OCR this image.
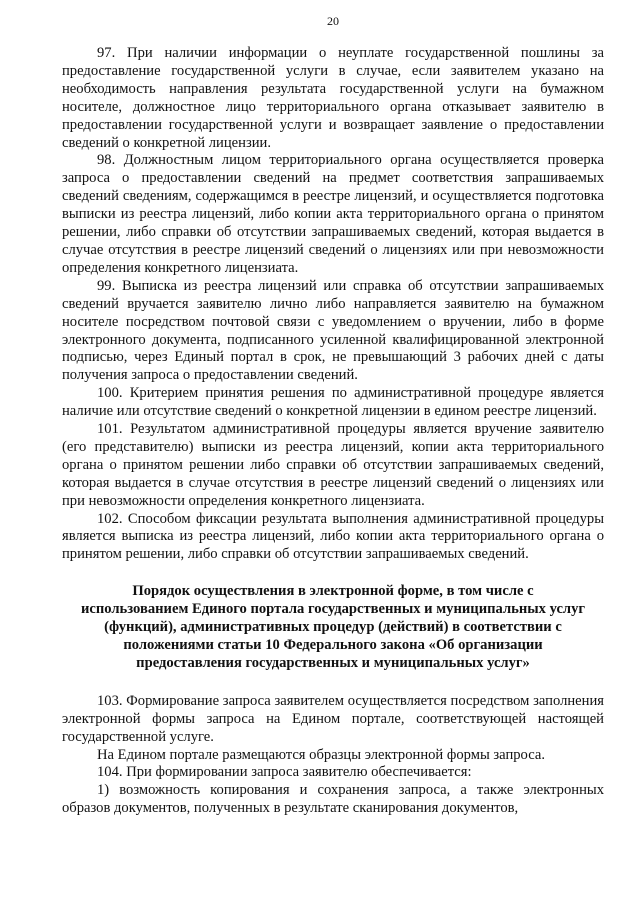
20

97. При наличии информации о неуплате государственной пошлины за предоставление государственной услуги в случае, если заявителем указано на необходимость направления результата государственной услуги на бумажном носителе, должностное лицо территориального органа отказывает заявителю в предоставлении государственной услуги и возвращает заявление о предоставлении сведений о конкретной лицензии.

98. Должностным лицом территориального органа осуществляется проверка запроса о предоставлении сведений на предмет соответствия запрашиваемых сведений сведениям, содержащимся в реестре лицензий, и осуществляется подготовка выписки из реестра лицензий, либо копии акта территориального органа о принятом решении, либо справки об отсутствии запрашиваемых сведений, которая выдается в случае отсутствия в реестре лицензий сведений о лицензиях или при невозможности определения конкретного лицензиата.

99. Выписка из реестра лицензий или справка об отсутствии запрашиваемых сведений вручается заявителю лично либо направляется заявителю на бумажном носителе посредством почтовой связи с уведомлением о вручении, либо в форме электронного документа, подписанного усиленной квалифицированной электронной подписью, через Единый портал в срок, не превышающий 3 рабочих дней с даты получения запроса о предоставлении сведений.

100. Критерием принятия решения по административной процедуре является наличие или отсутствие сведений о конкретной лицензии в едином реестре лицензий.

101. Результатом административной процедуры является вручение заявителю (его представителю) выписки из реестра лицензий, копии акта территориального органа о принятом решении либо справки об отсутствии запрашиваемых сведений, которая выдается в случае отсутствия в реестре лицензий сведений о лицензиях или при невозможности определения конкретного лицензиата.

102. Способом фиксации результата выполнения административной процедуры является выписка из реестра лицензий, либо копии акта территориального органа о принятом решении, либо справки об отсутствии запрашиваемых сведений.

Порядок осуществления в электронной форме, в том числе с
использованием Единого портала государственных и муниципальных услуг
(функций), административных процедур (действий) в соответствии с
положениями статьи 10 Федерального закона «Об организации
предоставления государственных и муниципальных услуг»

103. Формирование запроса заявителем осуществляется посредством заполнения электронной формы запроса на Едином портале, соответствующей настоящей государственной услуге.

На Едином портале размещаются образцы электронной формы запроса.

104. При формировании запроса заявителю обеспечивается:

1) возможность копирования и сохранения запроса, а также электронных образов документов, полученных в результате сканирования документов,
